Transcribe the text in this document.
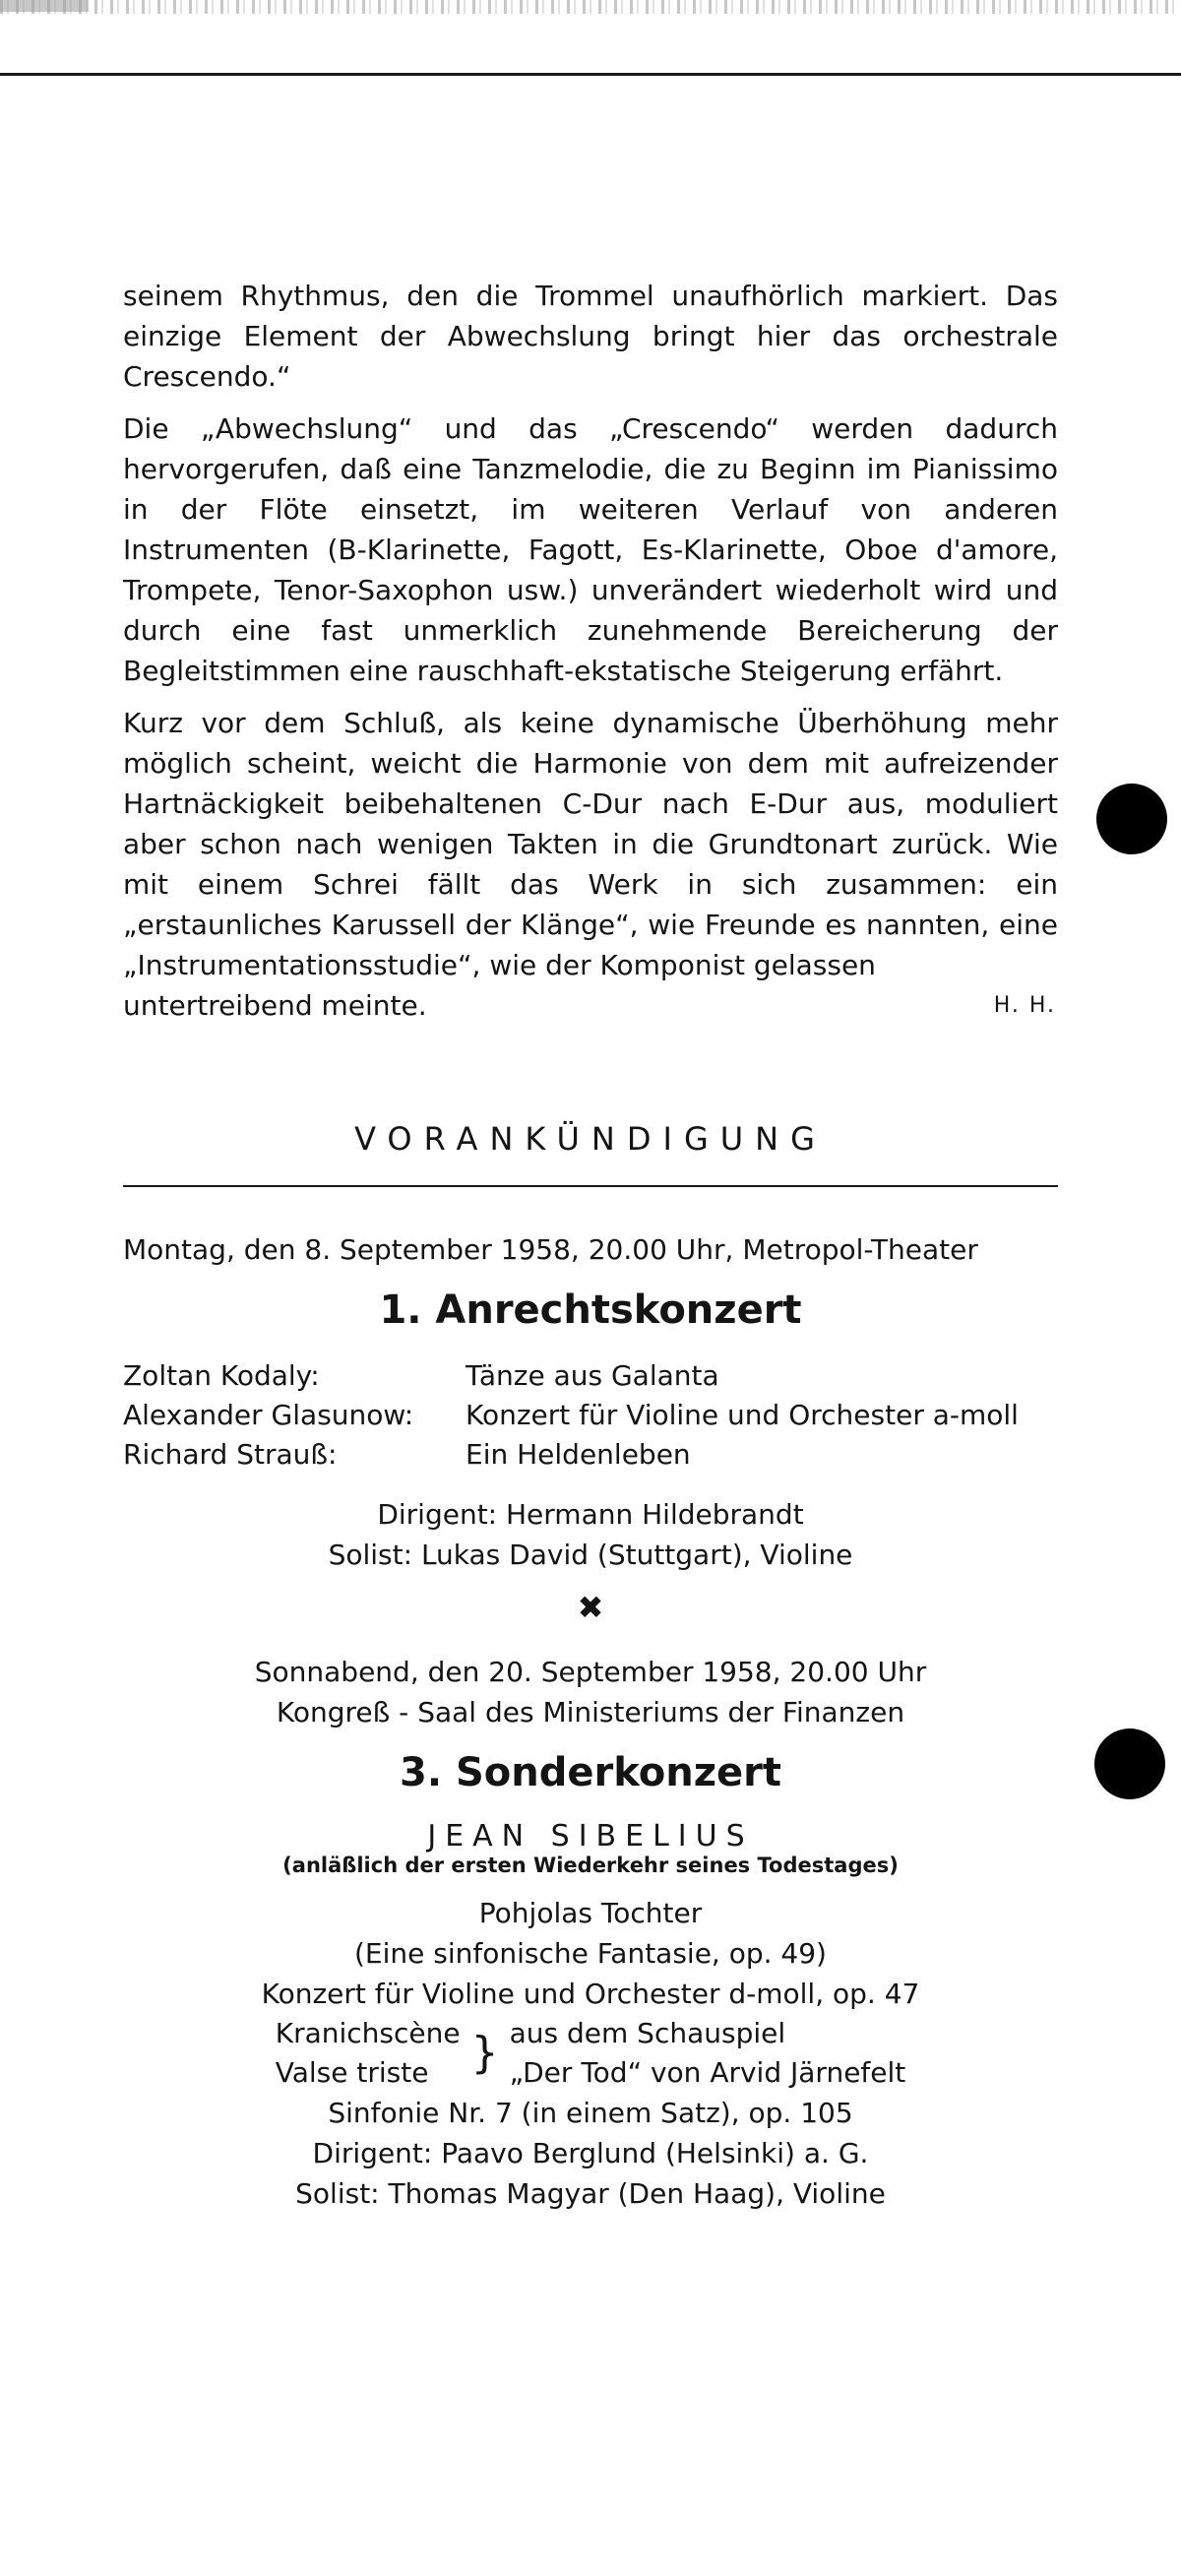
seinem Rhythmus, den die Trommel unaufhörlich markiert. Das einzige Element der Abwechslung bringt hier das orchestrale Crescendo.“

Die „Abwechslung“ und das „Crescendo“ werden dadurch hervorgerufen, daß eine Tanzmelodie, die zu Beginn im Pianissimo in der Flöte einsetzt, im weiteren Verlauf von anderen Instrumenten (B-Klarinette, Fagott, Es-Klarinette, Oboe d'amore, Trompete, Tenor-Saxophon usw.) unverändert wiederholt wird und durch eine fast unmerklich zunehmende Bereicherung der Begleitstimmen eine rauschhaft-ekstatische Steigerung erfährt.

Kurz vor dem Schluß, als keine dynamische Überhöhung mehr möglich scheint, weicht die Harmonie von dem mit aufreizender Hartnäckigkeit beibehaltenen C-Dur nach E-Dur aus, moduliert aber schon nach wenigen Takten in die Grundtonart zurück. Wie mit einem Schrei fällt das Werk in sich zusammen: ein „erstaunliches Karussell der Klänge“, wie Freunde es nannten, eine „Instrumentationsstudie“, wie der Komponist gelassen

untertreibend meinte.	H. H.
VORANKÜNDIGUNG
Montag, den 8. September 1958, 20.00 Uhr, Metropol-Theater
1. Anrechtskonzert
Zoltan Kodaly:	Tänze aus Galanta
Alexander Glasunow:	Konzert für Violine und Orchester a-moll
Richard Strauß:	Ein Heldenleben
Dirigent: Hermann Hildebrandt
Solist: Lukas David (Stuttgart), Violine
✖
Sonnabend, den 20. September 1958, 20.00 Uhr
Kongreß - Saal des Ministeriums der Finanzen
3. Sonderkonzert
JEAN SIBELIUS
(anläßlich der ersten Wiederkehr seines Todestages)
Pohjolas Tochter
(Eine sinfonische Fantasie, op. 49)
Konzert für Violine und Orchester d-moll, op. 47
Kranichscène
Valse triste } aus dem Schauspiel
„Der Tod“ von Arvid Järnefelt
Sinfonie Nr. 7 (in einem Satz), op. 105
Dirigent: Paavo Berglund (Helsinki) a. G.
Solist: Thomas Magyar (Den Haag), Violine
